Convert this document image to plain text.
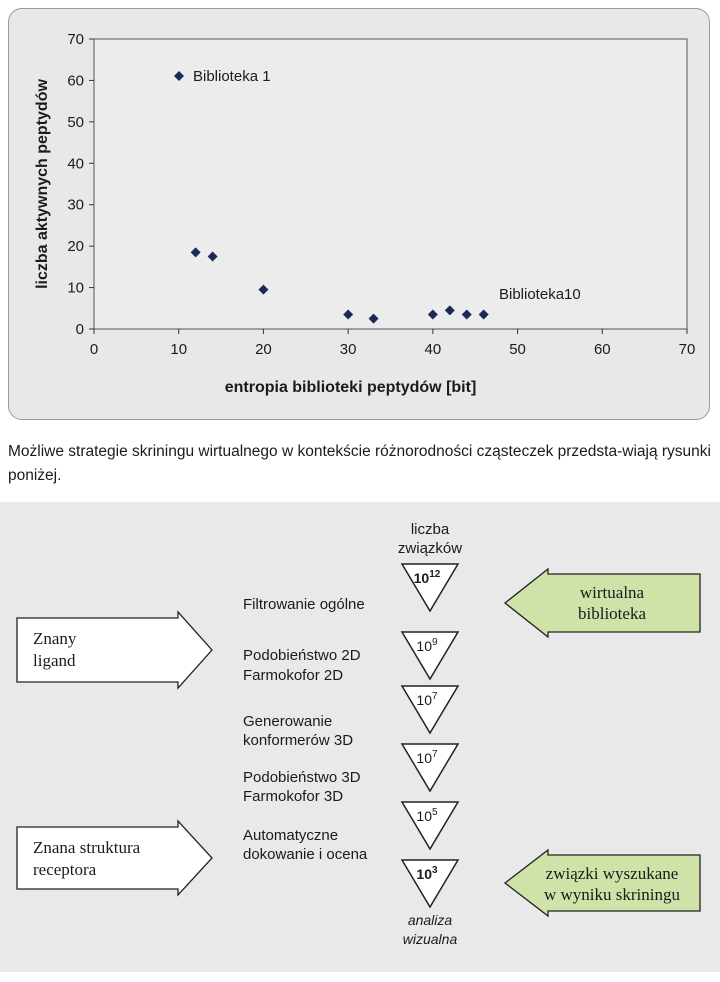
0	10	20	30	40	50	60	70
0
10
20
30
40
50
60
70
Biblioteka 1
Biblioteka10
entropia biblioteki peptydów [bit]
liczba aktywnych peptydów
Możliwe strategie skriningu wirtualnego w kontekście różnorodności cząsteczek przedsta-wiają rysunki poniżej.
liczba
związków
$10^{12}$
$10^9$
$10^7$
$10^7$
$10^5$
$10^3$
Filtrowanie ogólne
Podobieństwo 2D
Farmokofor 2D
Generowanie
konformerów 3D
Podobieństwo 3D
Farmokofor 3D
Automatyczne
dokowanie i ocena
analiza
wizualna
Znany
ligand
Znana struktura
receptora
wirtualna
biblioteka
związki wyszukane
w wyniku skriningu
